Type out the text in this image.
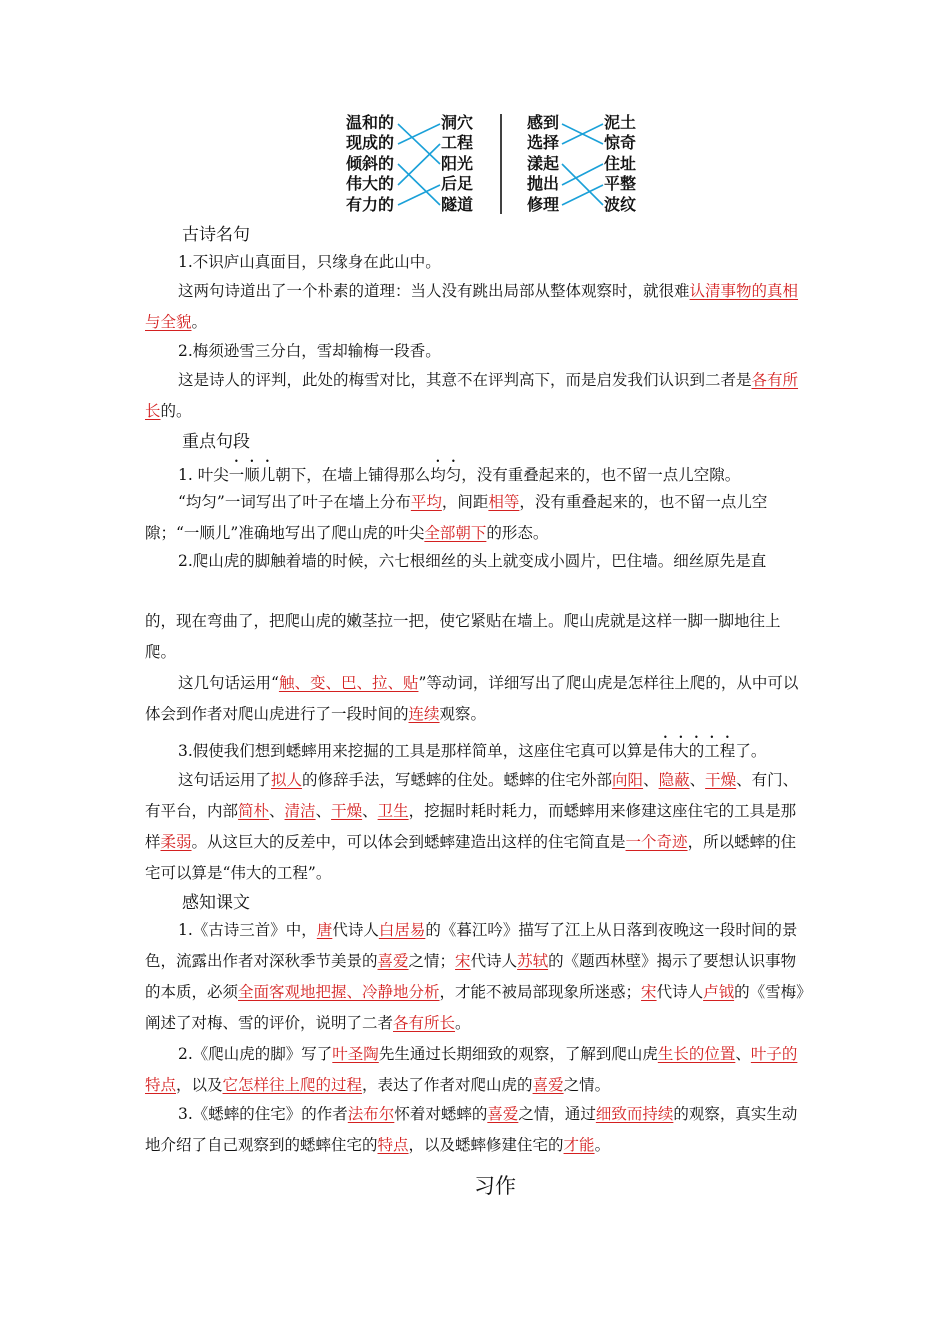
温和的
现成的
倾斜的
伟大的
有力的
洞穴
工程
阳光
后足
隧道
感到
选择
漾起
抛出
修理
泥土
惊奇
住址
平整
波纹
古诗名句
1.不识庐山真面目，只缘身在此山中。
这两句诗道出了一个朴素的道理：当人没有跳出局部从整体观察时，就很难认清事物的真相与全貌。
2.梅须逊雪三分白，雪却输梅一段香。
这是诗人的评判，此处的梅雪对比，其意不在评判高下，而是启发我们认识到二者是各有所长的。
重点句段
1. 叶尖一顺儿朝下，在墙上铺得那么均匀，没有重叠起来的，也不留一点儿空隙。
“均匀”一词写出了叶子在墙上分布平均，间距相等，没有重叠起来的，也不留一点儿空隙；“一顺儿”准确地写出了爬山虎的叶尖全部朝下的形态。
2.爬山虎的脚触着墙的时候，六七根细丝的头上就变成小圆片，巴住墙。细丝原先是直
的，现在弯曲了，把爬山虎的嫩茎拉一把，使它紧贴在墙上。爬山虎就是这样一脚一脚地往上爬。
这几句话运用“触、变、巴、拉、贴”等动词，详细写出了爬山虎是怎样往上爬的，从中可以体会到作者对爬山虎进行了一段时间的连续观察。
3.假使我们想到蟋蟀用来挖掘的工具是那样简单，这座住宅真可以算是伟大的工程了。
这句话运用了拟人的修辞手法，写蟋蟀的住处。蟋蟀的住宅外部向阳、隐蔽、干燥、有门、有平台，内部简朴、清洁、干燥、卫生，挖掘时耗时耗力，而蟋蟀用来修建这座住宅的工具是那样柔弱。从这巨大的反差中，可以体会到蟋蟀建造出这样的住宅简直是一个奇迹，所以蟋蟀的住宅可以算是“伟大的工程”。
感知课文
1.《古诗三首》中，唐代诗人白居易的《暮江吟》描写了江上从日落到夜晚这一段时间的景色，流露出作者对深秋季节美景的喜爱之情；宋代诗人苏轼的《题西林壁》揭示了要想认识事物的本质，必须全面客观地把握、冷静地分析，才能不被局部现象所迷惑；宋代诗人卢钺的《雪梅》阐述了对梅、雪的评价，说明了二者各有所长。
2.《爬山虎的脚》写了叶圣陶先生通过长期细致的观察，了解到爬山虎生长的位置、叶子的特点，以及它怎样往上爬的过程，表达了作者对爬山虎的喜爱之情。
3.《蟋蟀的住宅》的作者法布尔怀着对蟋蟀的喜爱之情，通过细致而持续的观察，真实生动地介绍了自己观察到的蟋蟀住宅的特点，以及蟋蟀修建住宅的才能。
习作
